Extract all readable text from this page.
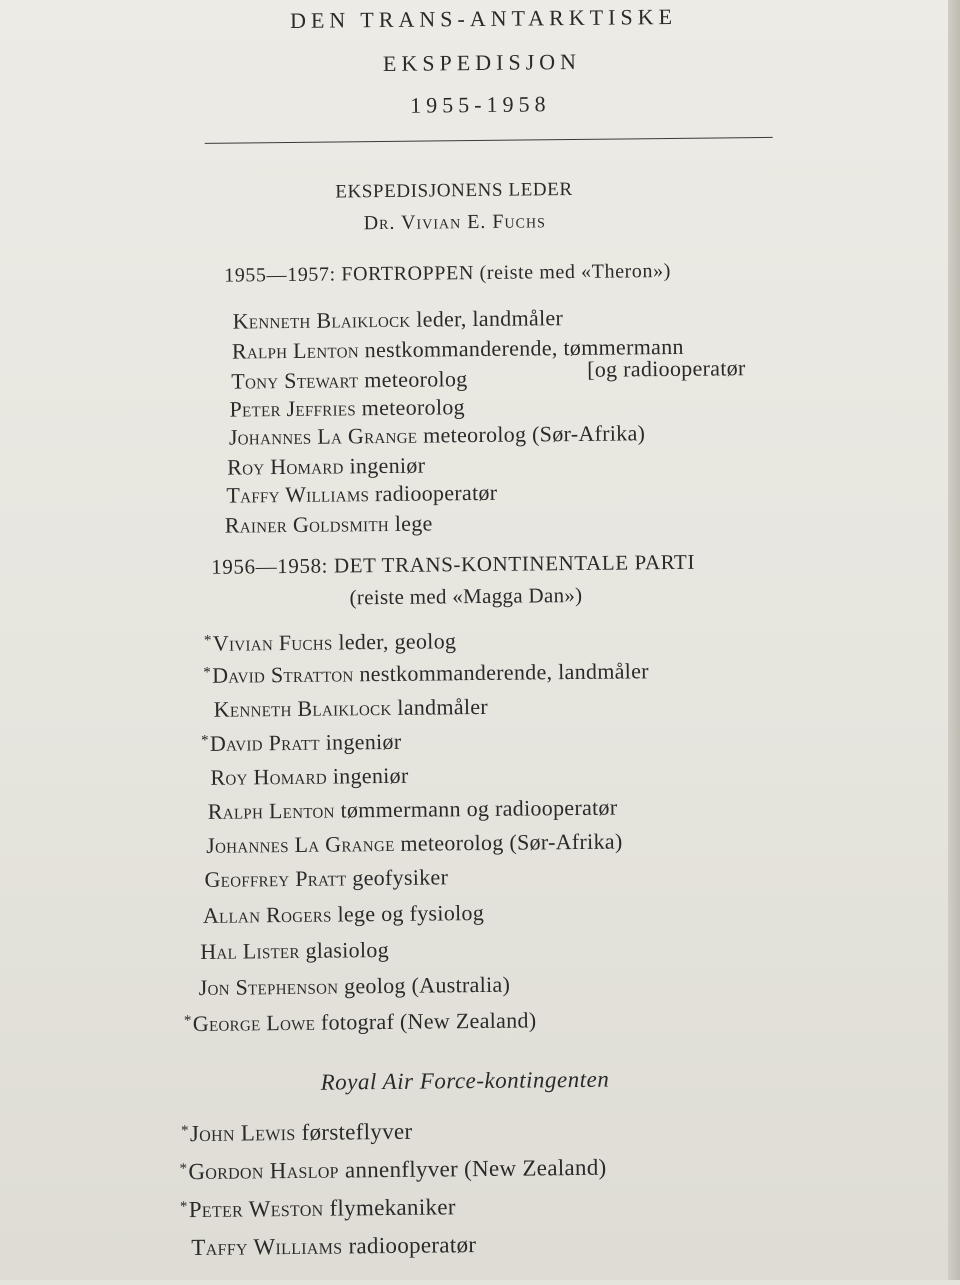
DEN TRANS-ANTARKTISKE
EKSPEDISJON
1955-1958
EKSPEDISJONENS LEDER
Dr. Vivian E. Fuchs
1955—1957: FORTROPPEN (reiste med «Theron»)
Kenneth Blaiklock leder, landmåler
Ralph Lenton nestkommanderende, tømmermann
Tony Stewart meteorolog	[og radiooperatør
Peter Jeffries meteorolog
Johannes La Grange meteorolog (Sør-Afrika)
Roy Homard ingeniør
Taffy Williams radiooperatør
Rainer Goldsmith lege
1956—1958: DET TRANS-KONTINENTALE PARTI
(reiste med «Magga Dan»)
*Vivian Fuchs leder, geolog
*David Stratton nestkommanderende, landmåler
Kenneth Blaiklock landmåler
*David Pratt ingeniør
Roy Homard ingeniør
Ralph Lenton tømmermann og radiooperatør
Johannes La Grange meteorolog (Sør-Afrika)
Geoffrey Pratt geofysiker
Allan Rogers lege og fysiolog
Hal Lister glasiolog
Jon Stephenson geolog (Australia)
*George Lowe fotograf (New Zealand)
Royal Air Force-kontingenten
*John Lewis førsteflyver
*Gordon Haslop annenflyver (New Zealand)
*Peter Weston flymekaniker
Taffy Williams radiooperatør
